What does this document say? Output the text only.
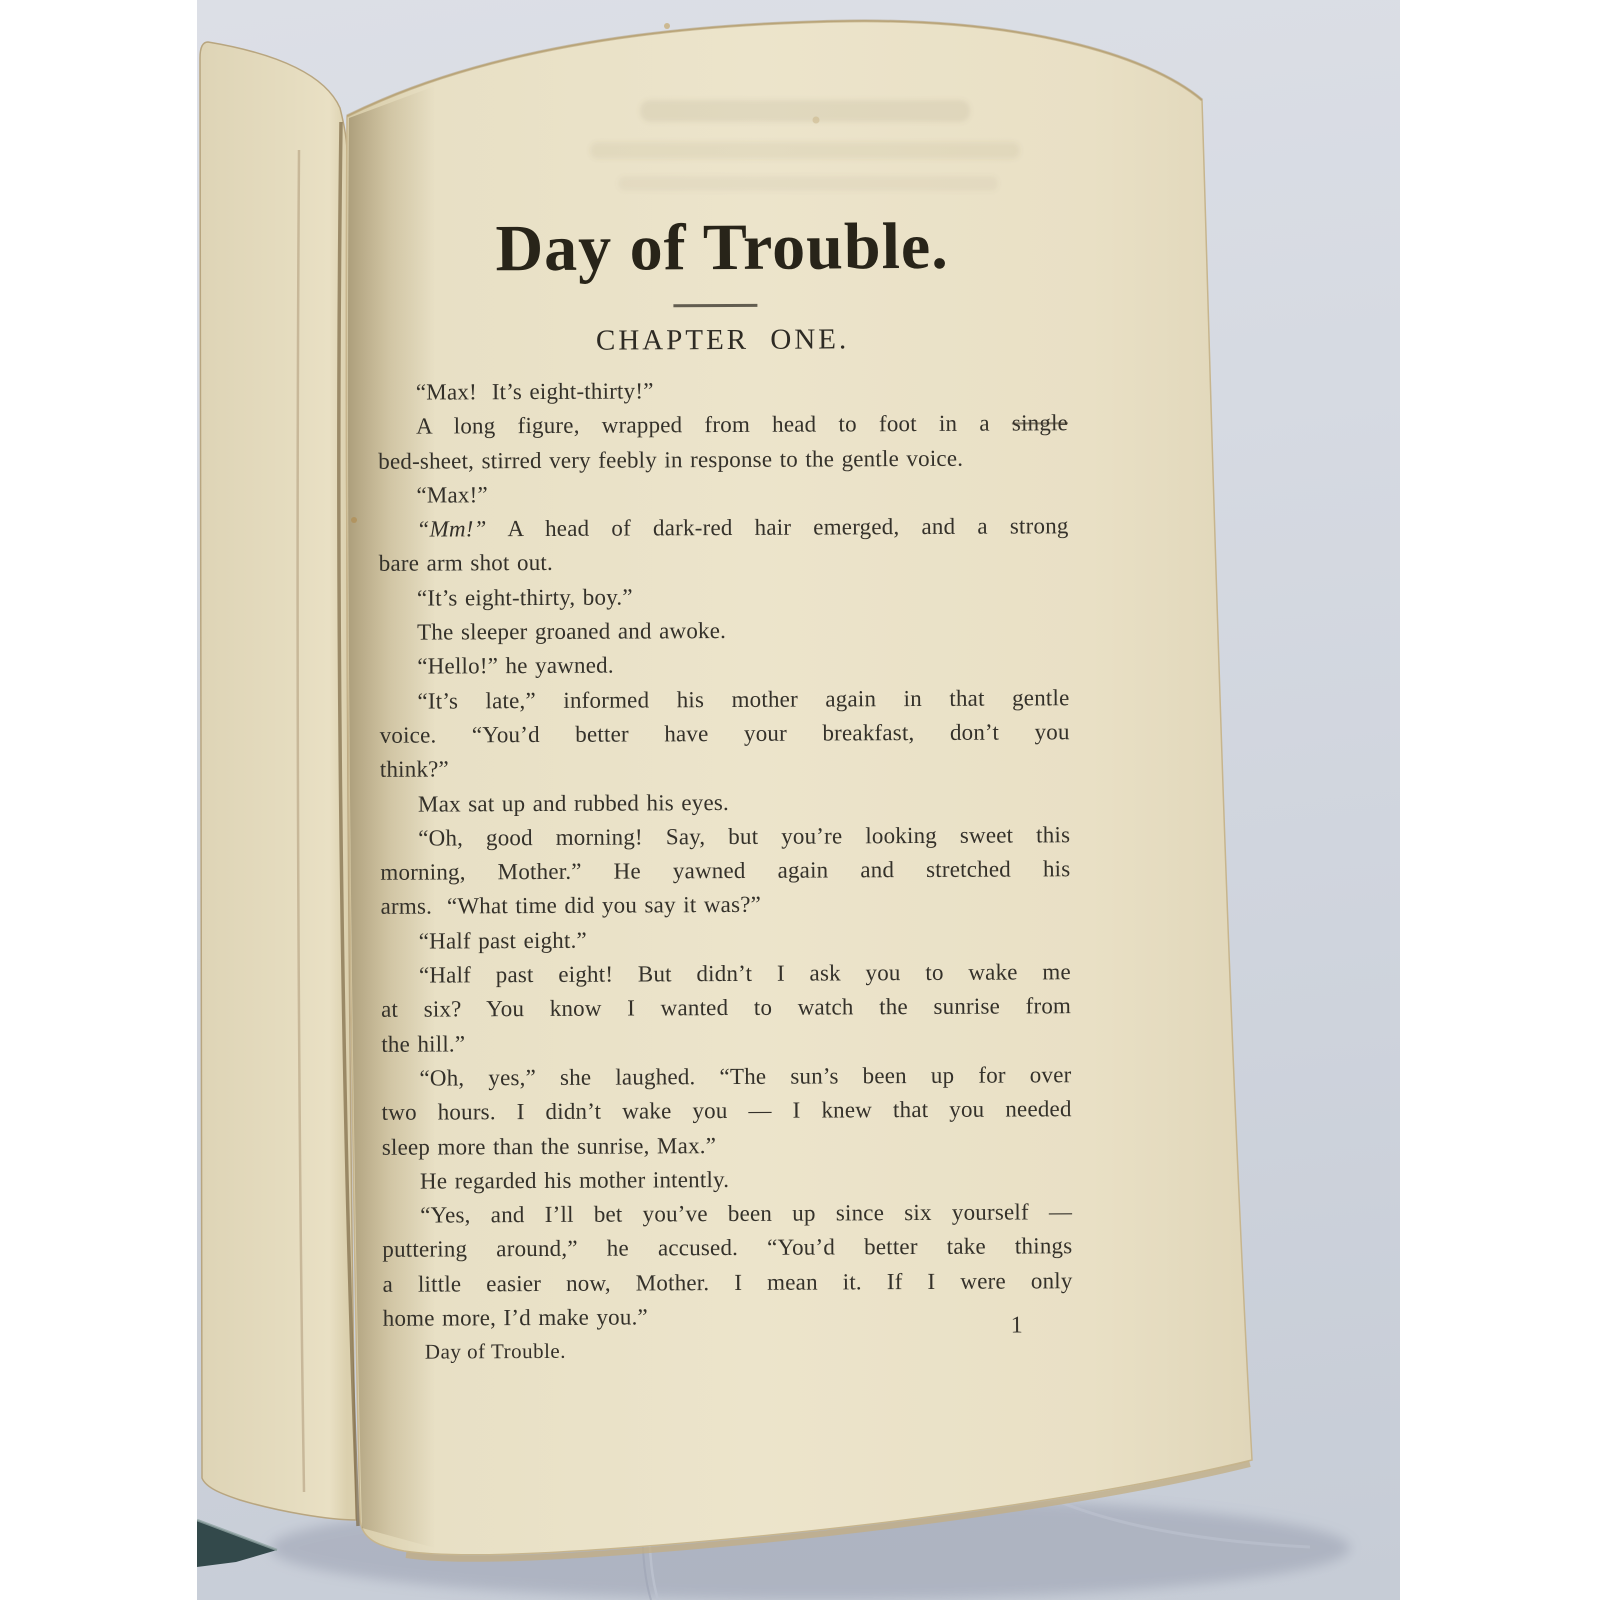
Day of Trouble.
CHAPTER ONE.
“Max!  It’s eight-thirty!”
A long figure, wrapped from head to foot in a single
bed-sheet, stirred very feebly in response to the gentle voice.
“Max!”
“Mm!” A head of dark-red hair emerged, and a strong
bare arm shot out.
“It’s eight-thirty, boy.”
The sleeper groaned and awoke.
“Hello!” he yawned.
“It’s late,” informed his mother again in that gentle
voice. “You’d better have your breakfast, don’t you
think?”
Max sat up and rubbed his eyes.
“Oh, good morning! Say, but you’re looking sweet this
morning, Mother.” He yawned again and stretched his
arms.  “What time did you say it was?”
“Half past eight.”
“Half past eight! But didn’t I ask you to wake me
at six? You know I wanted to watch the sunrise from
the hill.”
“Oh, yes,” she laughed. “The sun’s been up for over
two hours. I didn’t wake you — I knew that you needed
sleep more than the sunrise, Max.”
He regarded his mother intently.
“Yes, and I’ll bet you’ve been up since six yourself —
puttering around,” he accused. “You’d better take things
a little easier now, Mother. I mean it. If I were only
home more, I’d make you.”	1
Day of Trouble.
